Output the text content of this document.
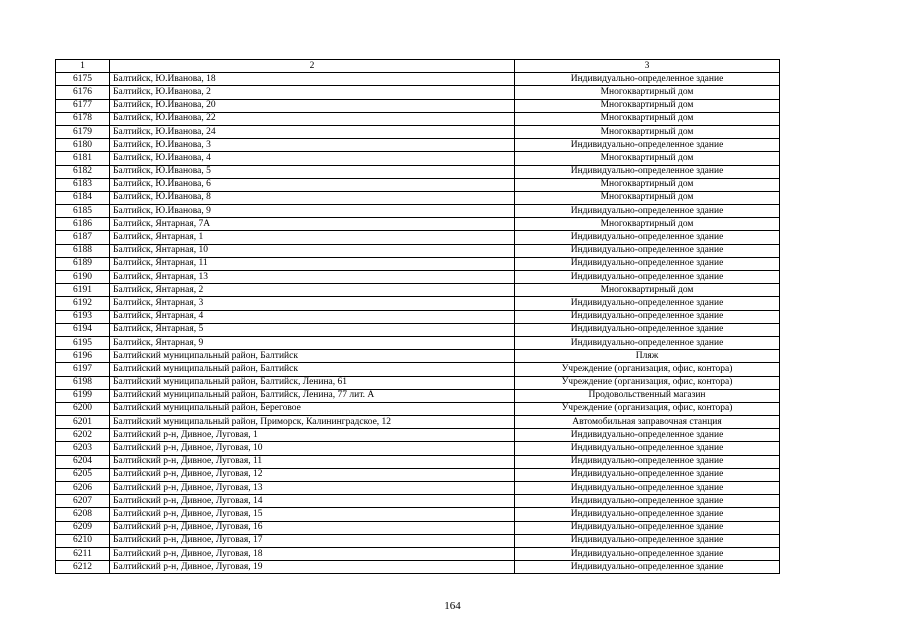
1	2	3
6175	Балтийск, Ю.Иванова, 18	Индивидуально-определенное здание
6176	Балтийск, Ю.Иванова, 2	Многоквартирный дом
6177	Балтийск, Ю.Иванова, 20	Многоквартирный дом
6178	Балтийск, Ю.Иванова, 22	Многоквартирный дом
6179	Балтийск, Ю.Иванова, 24	Многоквартирный дом
6180	Балтийск, Ю.Иванова, 3	Индивидуально-определенное здание
6181	Балтийск, Ю.Иванова, 4	Многоквартирный дом
6182	Балтийск, Ю.Иванова, 5	Индивидуально-определенное здание
6183	Балтийск, Ю.Иванова, 6	Многоквартирный дом
6184	Балтийск, Ю.Иванова, 8	Многоквартирный дом
6185	Балтийск, Ю.Иванова, 9	Индивидуально-определенное здание
6186	Балтийск, Янтарная, 7А	Многоквартирный дом
6187	Балтийск, Янтарная, 1	Индивидуально-определенное здание
6188	Балтийск, Янтарная, 10	Индивидуально-определенное здание
6189	Балтийск, Янтарная, 11	Индивидуально-определенное здание
6190	Балтийск, Янтарная, 13	Индивидуально-определенное здание
6191	Балтийск, Янтарная, 2	Многоквартирный дом
6192	Балтийск, Янтарная, 3	Индивидуально-определенное здание
6193	Балтийск, Янтарная, 4	Индивидуально-определенное здание
6194	Балтийск, Янтарная, 5	Индивидуально-определенное здание
6195	Балтийск, Янтарная, 9	Индивидуально-определенное здание
6196	Балтийский муниципальный район, Балтийск	Пляж
6197	Балтийский муниципальный район, Балтийск	Учреждение (организация, офис, контора)
6198	Балтийский муниципальный район, Балтийск, Ленина, 61	Учреждение (организация, офис, контора)
6199	Балтийский муниципальный район, Балтийск, Ленина, 77 лит. А	Продовольственный магазин
6200	Балтийский муниципальный район, Береговое	Учреждение (организация, офис, контора)
6201	Балтийский муниципальный район, Приморск, Калининградское, 12	Автомобильная заправочная станция
6202	Балтийский р-н, Дивное, Луговая, 1	Индивидуально-определенное здание
6203	Балтийский р-н, Дивное, Луговая, 10	Индивидуально-определенное здание
6204	Балтийский р-н, Дивное, Луговая, 11	Индивидуально-определенное здание
6205	Балтийский р-н, Дивное, Луговая, 12	Индивидуально-определенное здание
6206	Балтийский р-н, Дивное, Луговая, 13	Индивидуально-определенное здание
6207	Балтийский р-н, Дивное, Луговая, 14	Индивидуально-определенное здание
6208	Балтийский р-н, Дивное, Луговая, 15	Индивидуально-определенное здание
6209	Балтийский р-н, Дивное, Луговая, 16	Индивидуально-определенное здание
6210	Балтийский р-н, Дивное, Луговая, 17	Индивидуально-определенное здание
6211	Балтийский р-н, Дивное, Луговая, 18	Индивидуально-определенное здание
6212	Балтийский р-н, Дивное, Луговая, 19	Индивидуально-определенное здание
164
